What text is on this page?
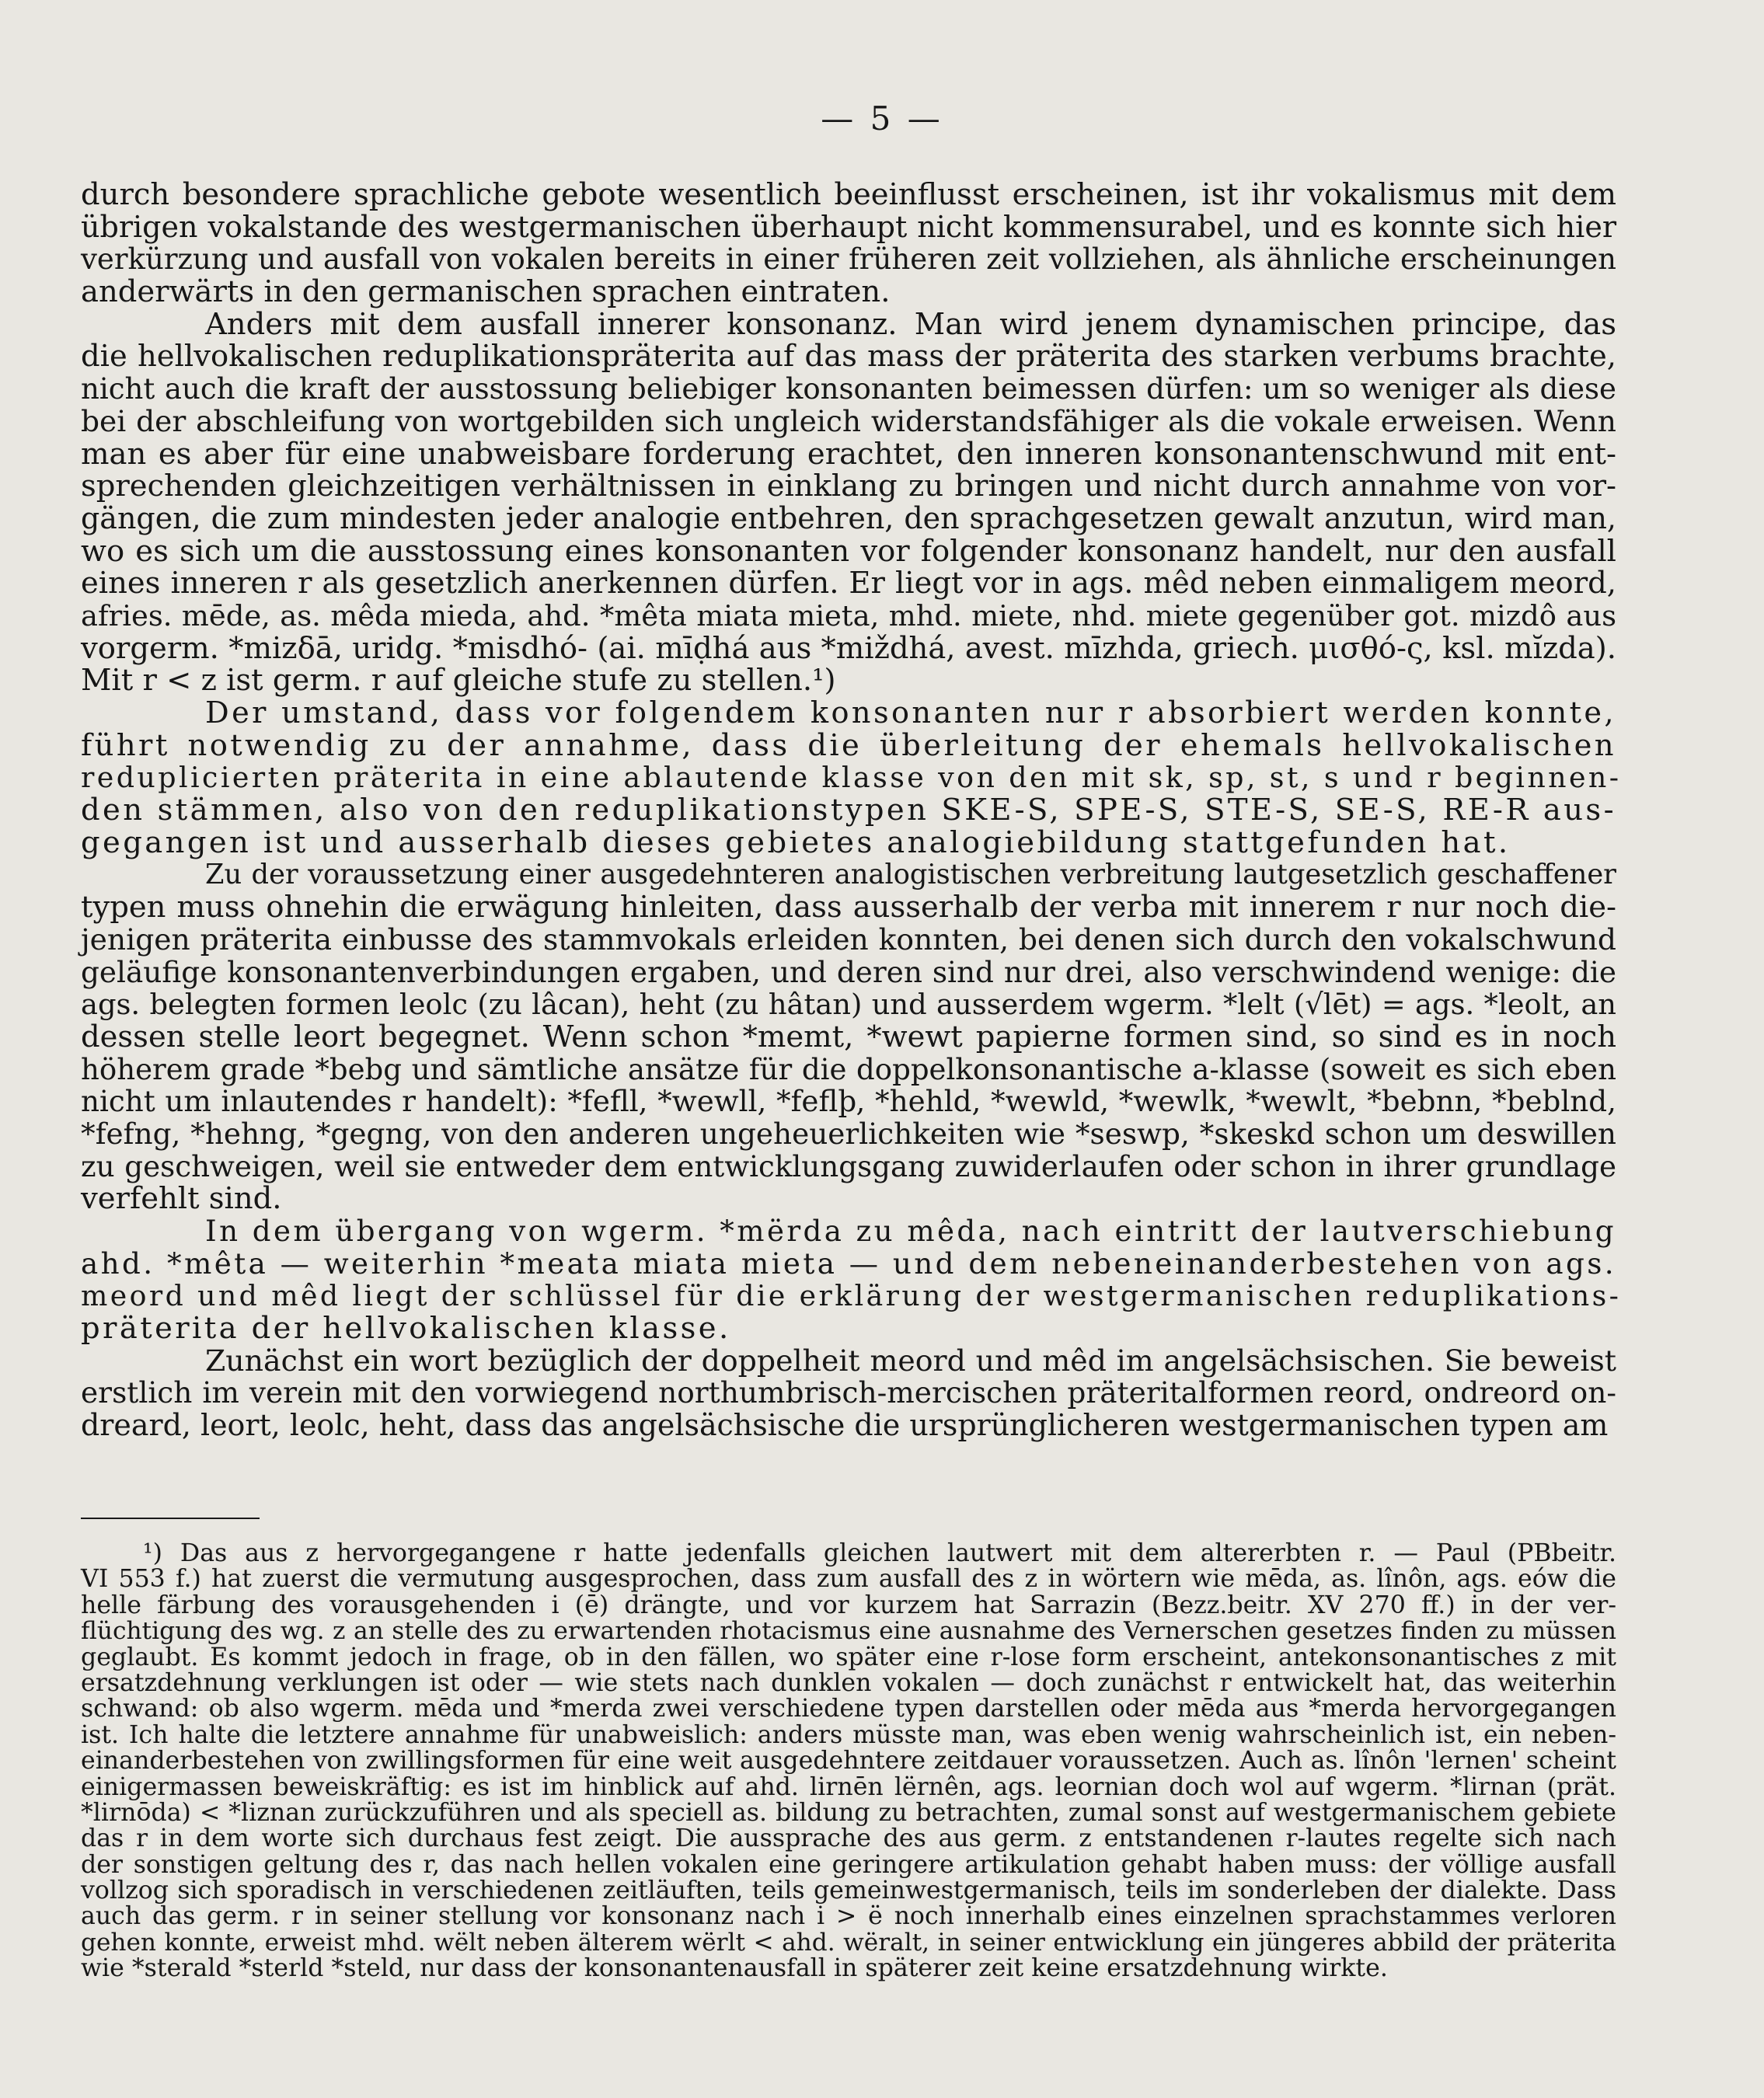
— 5 —
durch besondere sprachliche gebote wesentlich beeinflusst erscheinen, ist ihr vokalismus mit dem
übrigen vokalstande des westgermanischen überhaupt nicht kommensurabel, und es konnte sich hier
verkürzung und ausfall von vokalen bereits in einer früheren zeit vollziehen, als ähnliche erscheinungen
anderwärts in den germanischen sprachen eintraten.
Anders mit dem ausfall innerer konsonanz. Man wird jenem dynamischen principe, das
die hellvokalischen reduplikationspräterita auf das mass der präterita des starken verbums brachte,
nicht auch die kraft der ausstossung beliebiger konsonanten beimessen dürfen: um so weniger als diese
bei der abschleifung von wortgebilden sich ungleich widerstandsfähiger als die vokale erweisen. Wenn
man es aber für eine unabweisbare forderung erachtet, den inneren konsonantenschwund mit ent-
sprechenden gleichzeitigen verhältnissen in einklang zu bringen und nicht durch annahme von vor-
gängen, die zum mindesten jeder analogie entbehren, den sprachgesetzen gewalt anzutun, wird man,
wo es sich um die ausstossung eines konsonanten vor folgender konsonanz handelt, nur den ausfall
eines inneren r als gesetzlich anerkennen dürfen. Er liegt vor in ags. mêd neben einmaligem meord,
afries. mēde, as. mêda mieda, ahd. *mêta miata mieta, mhd. miete, nhd. miete gegenüber got. mizdô aus
vorgerm. *mizδā, uridg. *misdhó- (ai. mīḍhá aus *miždhá, avest. mīzhda, griech. μισθό-ς, ksl. mĭzda).
Mit r < z ist germ. r auf gleiche stufe zu stellen.¹)
Der umstand, dass vor folgendem konsonanten nur r absorbiert werden konnte,
führt notwendig zu der annahme, dass die überleitung der ehemals hellvokalischen
reduplicierten präterita in eine ablautende klasse von den mit sk, sp, st, s und r beginnen-
den stämmen, also von den reduplikationstypen SKE-S, SPE-S, STE-S, SE-S, RE-R aus-
gegangen ist und ausserhalb dieses gebietes analogiebildung stattgefunden hat.
Zu der voraussetzung einer ausgedehnteren analogistischen verbreitung lautgesetzlich geschaffener
typen muss ohnehin die erwägung hinleiten, dass ausserhalb der verba mit innerem r nur noch die-
jenigen präterita einbusse des stammvokals erleiden konnten, bei denen sich durch den vokalschwund
geläufige konsonantenverbindungen ergaben, und deren sind nur drei, also verschwindend wenige: die
ags. belegten formen leolc (zu lâcan), heht (zu hâtan) und ausserdem wgerm. *lelt (√lēt) = ags. *leolt, an
dessen stelle leort begegnet. Wenn schon *memt, *wewt papierne formen sind, so sind es in noch
höherem grade *bebg und sämtliche ansätze für die doppelkonsonantische a-klasse (soweit es sich eben
nicht um inlautendes r handelt): *fefll, *wewll, *feflþ, *hehld, *wewld, *wewlk, *wewlt, *bebnn, *beblnd,
*fefng, *hehng, *gegng, von den anderen ungeheuerlichkeiten wie *seswp, *skeskd schon um deswillen
zu geschweigen, weil sie entweder dem entwicklungsgang zuwiderlaufen oder schon in ihrer grundlage
verfehlt sind.
In dem übergang von wgerm. *mërda zu mêda, nach eintritt der lautverschiebung
ahd. *mêta — weiterhin *meata miata mieta — und dem nebeneinanderbestehen von ags.
meord und mêd liegt der schlüssel für die erklärung der westgermanischen reduplikations-
präterita der hellvokalischen klasse.
Zunächst ein wort bezüglich der doppelheit meord und mêd im angelsächsischen. Sie beweist
erstlich im verein mit den vorwiegend northumbrisch-mercischen präteritalformen reord, ondreord on-
dreard, leort, leolc, heht, dass das angelsächsische die ursprünglicheren westgermanischen typen am
¹) Das aus z hervorgegangene r hatte jedenfalls gleichen lautwert mit dem altererbten r. — Paul (PBbeitr.
VI 553 f.) hat zuerst die vermutung ausgesprochen, dass zum ausfall des z in wörtern wie mēda, as. lînôn, ags. eów die
helle färbung des vorausgehenden i (ē) drängte, und vor kurzem hat Sarrazin (Bezz.beitr. XV 270 ff.) in der ver-
flüchtigung des wg. z an stelle des zu erwartenden rhotacismus eine ausnahme des Vernerschen gesetzes finden zu müssen
geglaubt. Es kommt jedoch in frage, ob in den fällen, wo später eine r-lose form erscheint, antekonsonantisches z mit
ersatzdehnung verklungen ist oder — wie stets nach dunklen vokalen — doch zunächst r entwickelt hat, das weiterhin
schwand: ob also wgerm. mēda und *merda zwei verschiedene typen darstellen oder mēda aus *merda hervorgegangen
ist. Ich halte die letztere annahme für unabweislich: anders müsste man, was eben wenig wahrscheinlich ist, ein neben-
einanderbestehen von zwillingsformen für eine weit ausgedehntere zeitdauer voraussetzen. Auch as. lînôn 'lernen' scheint
einigermassen beweiskräftig: es ist im hinblick auf ahd. lirnēn lërnên, ags. leornian doch wol auf wgerm. *lirnan (prät.
*lirnōda) < *liznan zurückzuführen und als speciell as. bildung zu betrachten, zumal sonst auf westgermanischem gebiete
das r in dem worte sich durchaus fest zeigt. Die aussprache des aus germ. z entstandenen r-lautes regelte sich nach
der sonstigen geltung des r, das nach hellen vokalen eine geringere artikulation gehabt haben muss: der völlige ausfall
vollzog sich sporadisch in verschiedenen zeitläuften, teils gemeinwestgermanisch, teils im sonderleben der dialekte. Dass
auch das germ. r in seiner stellung vor konsonanz nach i > ë noch innerhalb eines einzelnen sprachstammes verloren
gehen konnte, erweist mhd. wëlt neben älterem wërlt < ahd. wëralt, in seiner entwicklung ein jüngeres abbild der präterita
wie *sterald *sterld *steld, nur dass der konsonantenausfall in späterer zeit keine ersatzdehnung wirkte.
